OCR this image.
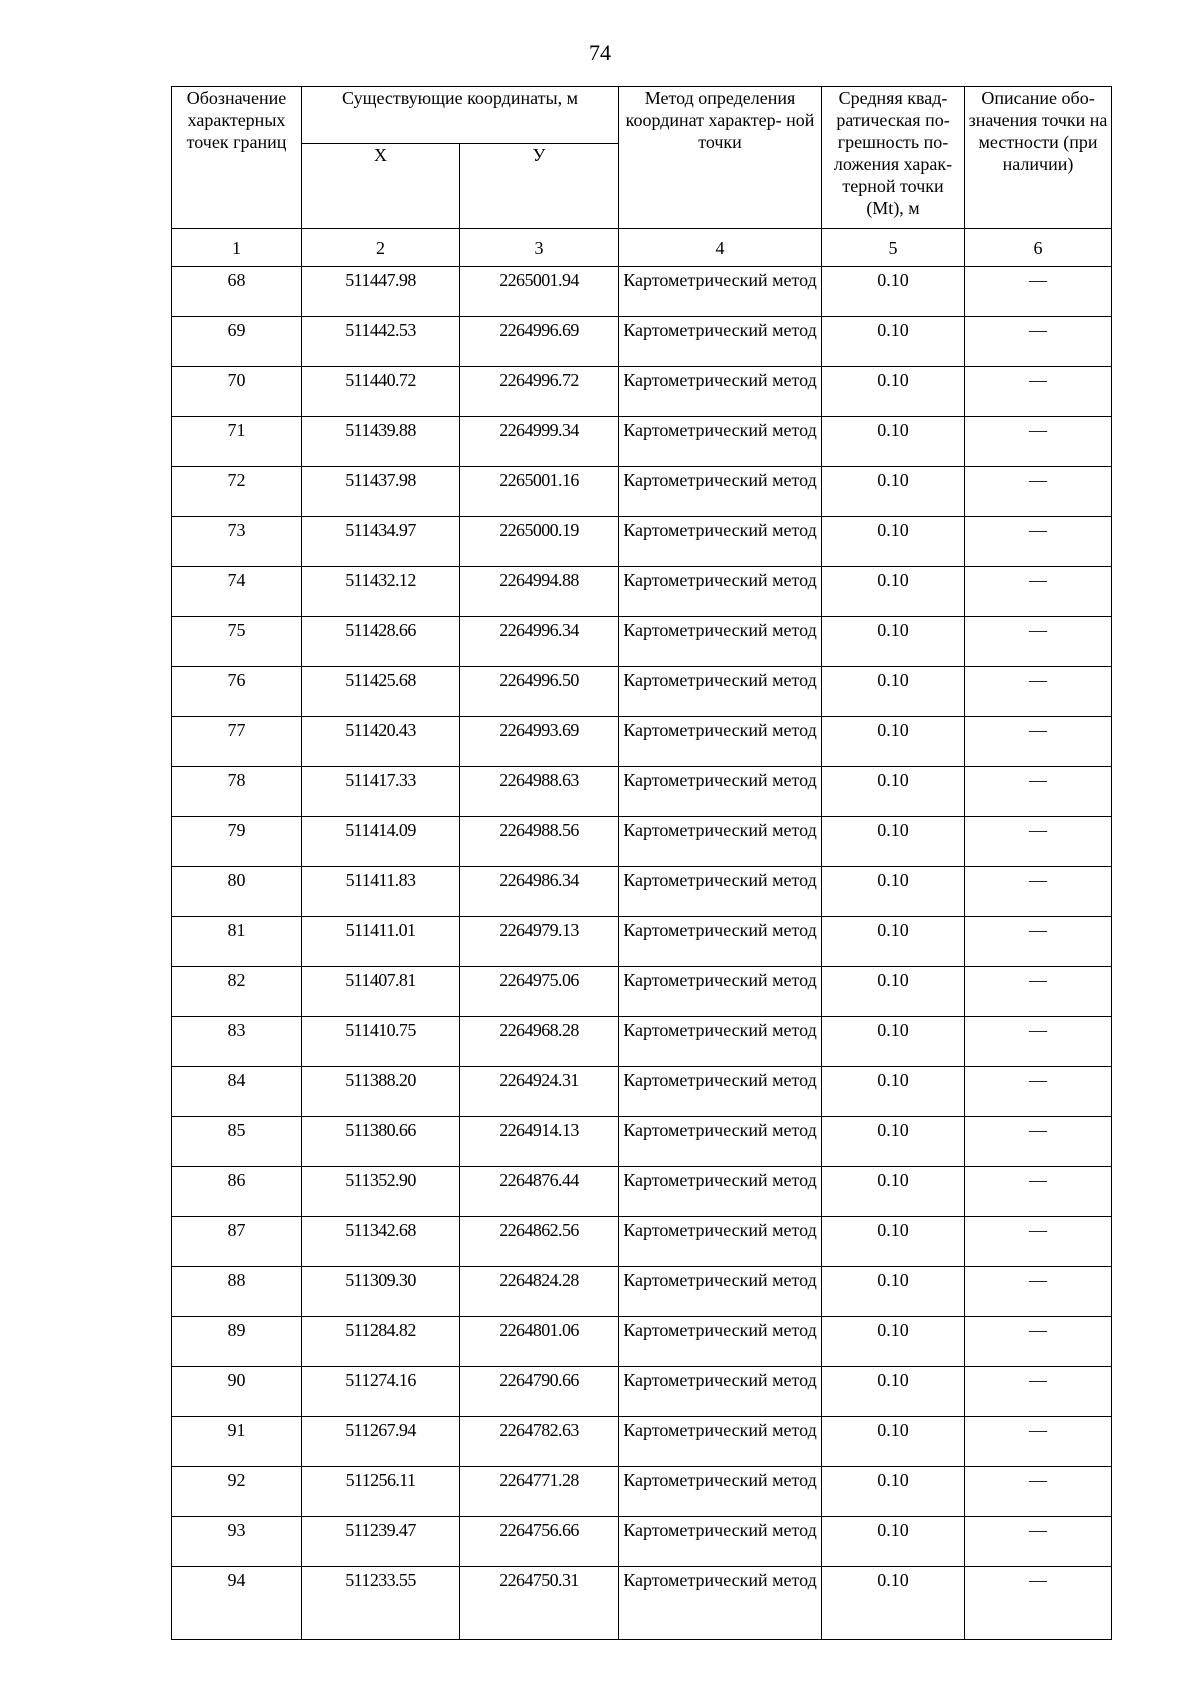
74
Обозначение характерных точек границ	Существующие координаты, м		Метод определения координат характер- ной точки	Средняя квад- ратическая по- грешность по- ложения харак- терной точки (Mt), м	Описание обо- значения точки на местности (при наличии)
	X	У			
1	2	3	4	5	6
68	511447.98	2265001.94	Картометрический метод	0.10	—
69	511442.53	2264996.69	Картометрический метод	0.10	—
70	511440.72	2264996.72	Картометрический метод	0.10	—
71	511439.88	2264999.34	Картометрический метод	0.10	—
72	511437.98	2265001.16	Картометрический метод	0.10	—
73	511434.97	2265000.19	Картометрический метод	0.10	—
74	511432.12	2264994.88	Картометрический метод	0.10	—
75	511428.66	2264996.34	Картометрический метод	0.10	—
76	511425.68	2264996.50	Картометрический метод	0.10	—
77	511420.43	2264993.69	Картометрический метод	0.10	—
78	511417.33	2264988.63	Картометрический метод	0.10	—
79	511414.09	2264988.56	Картометрический метод	0.10	—
80	511411.83	2264986.34	Картометрический метод	0.10	—
81	511411.01	2264979.13	Картометрический метод	0.10	—
82	511407.81	2264975.06	Картометрический метод	0.10	—
83	511410.75	2264968.28	Картометрический метод	0.10	—
84	511388.20	2264924.31	Картометрический метод	0.10	—
85	511380.66	2264914.13	Картометрический метод	0.10	—
86	511352.90	2264876.44	Картометрический метод	0.10	—
87	511342.68	2264862.56	Картометрический метод	0.10	—
88	511309.30	2264824.28	Картометрический метод	0.10	—
89	511284.82	2264801.06	Картометрический метод	0.10	—
90	511274.16	2264790.66	Картометрический метод	0.10	—
91	511267.94	2264782.63	Картометрический метод	0.10	—
92	511256.11	2264771.28	Картометрический метод	0.10	—
93	511239.47	2264756.66	Картометрический метод	0.10	—
94	511233.55	2264750.31	Картометрический метод	0.10	—
